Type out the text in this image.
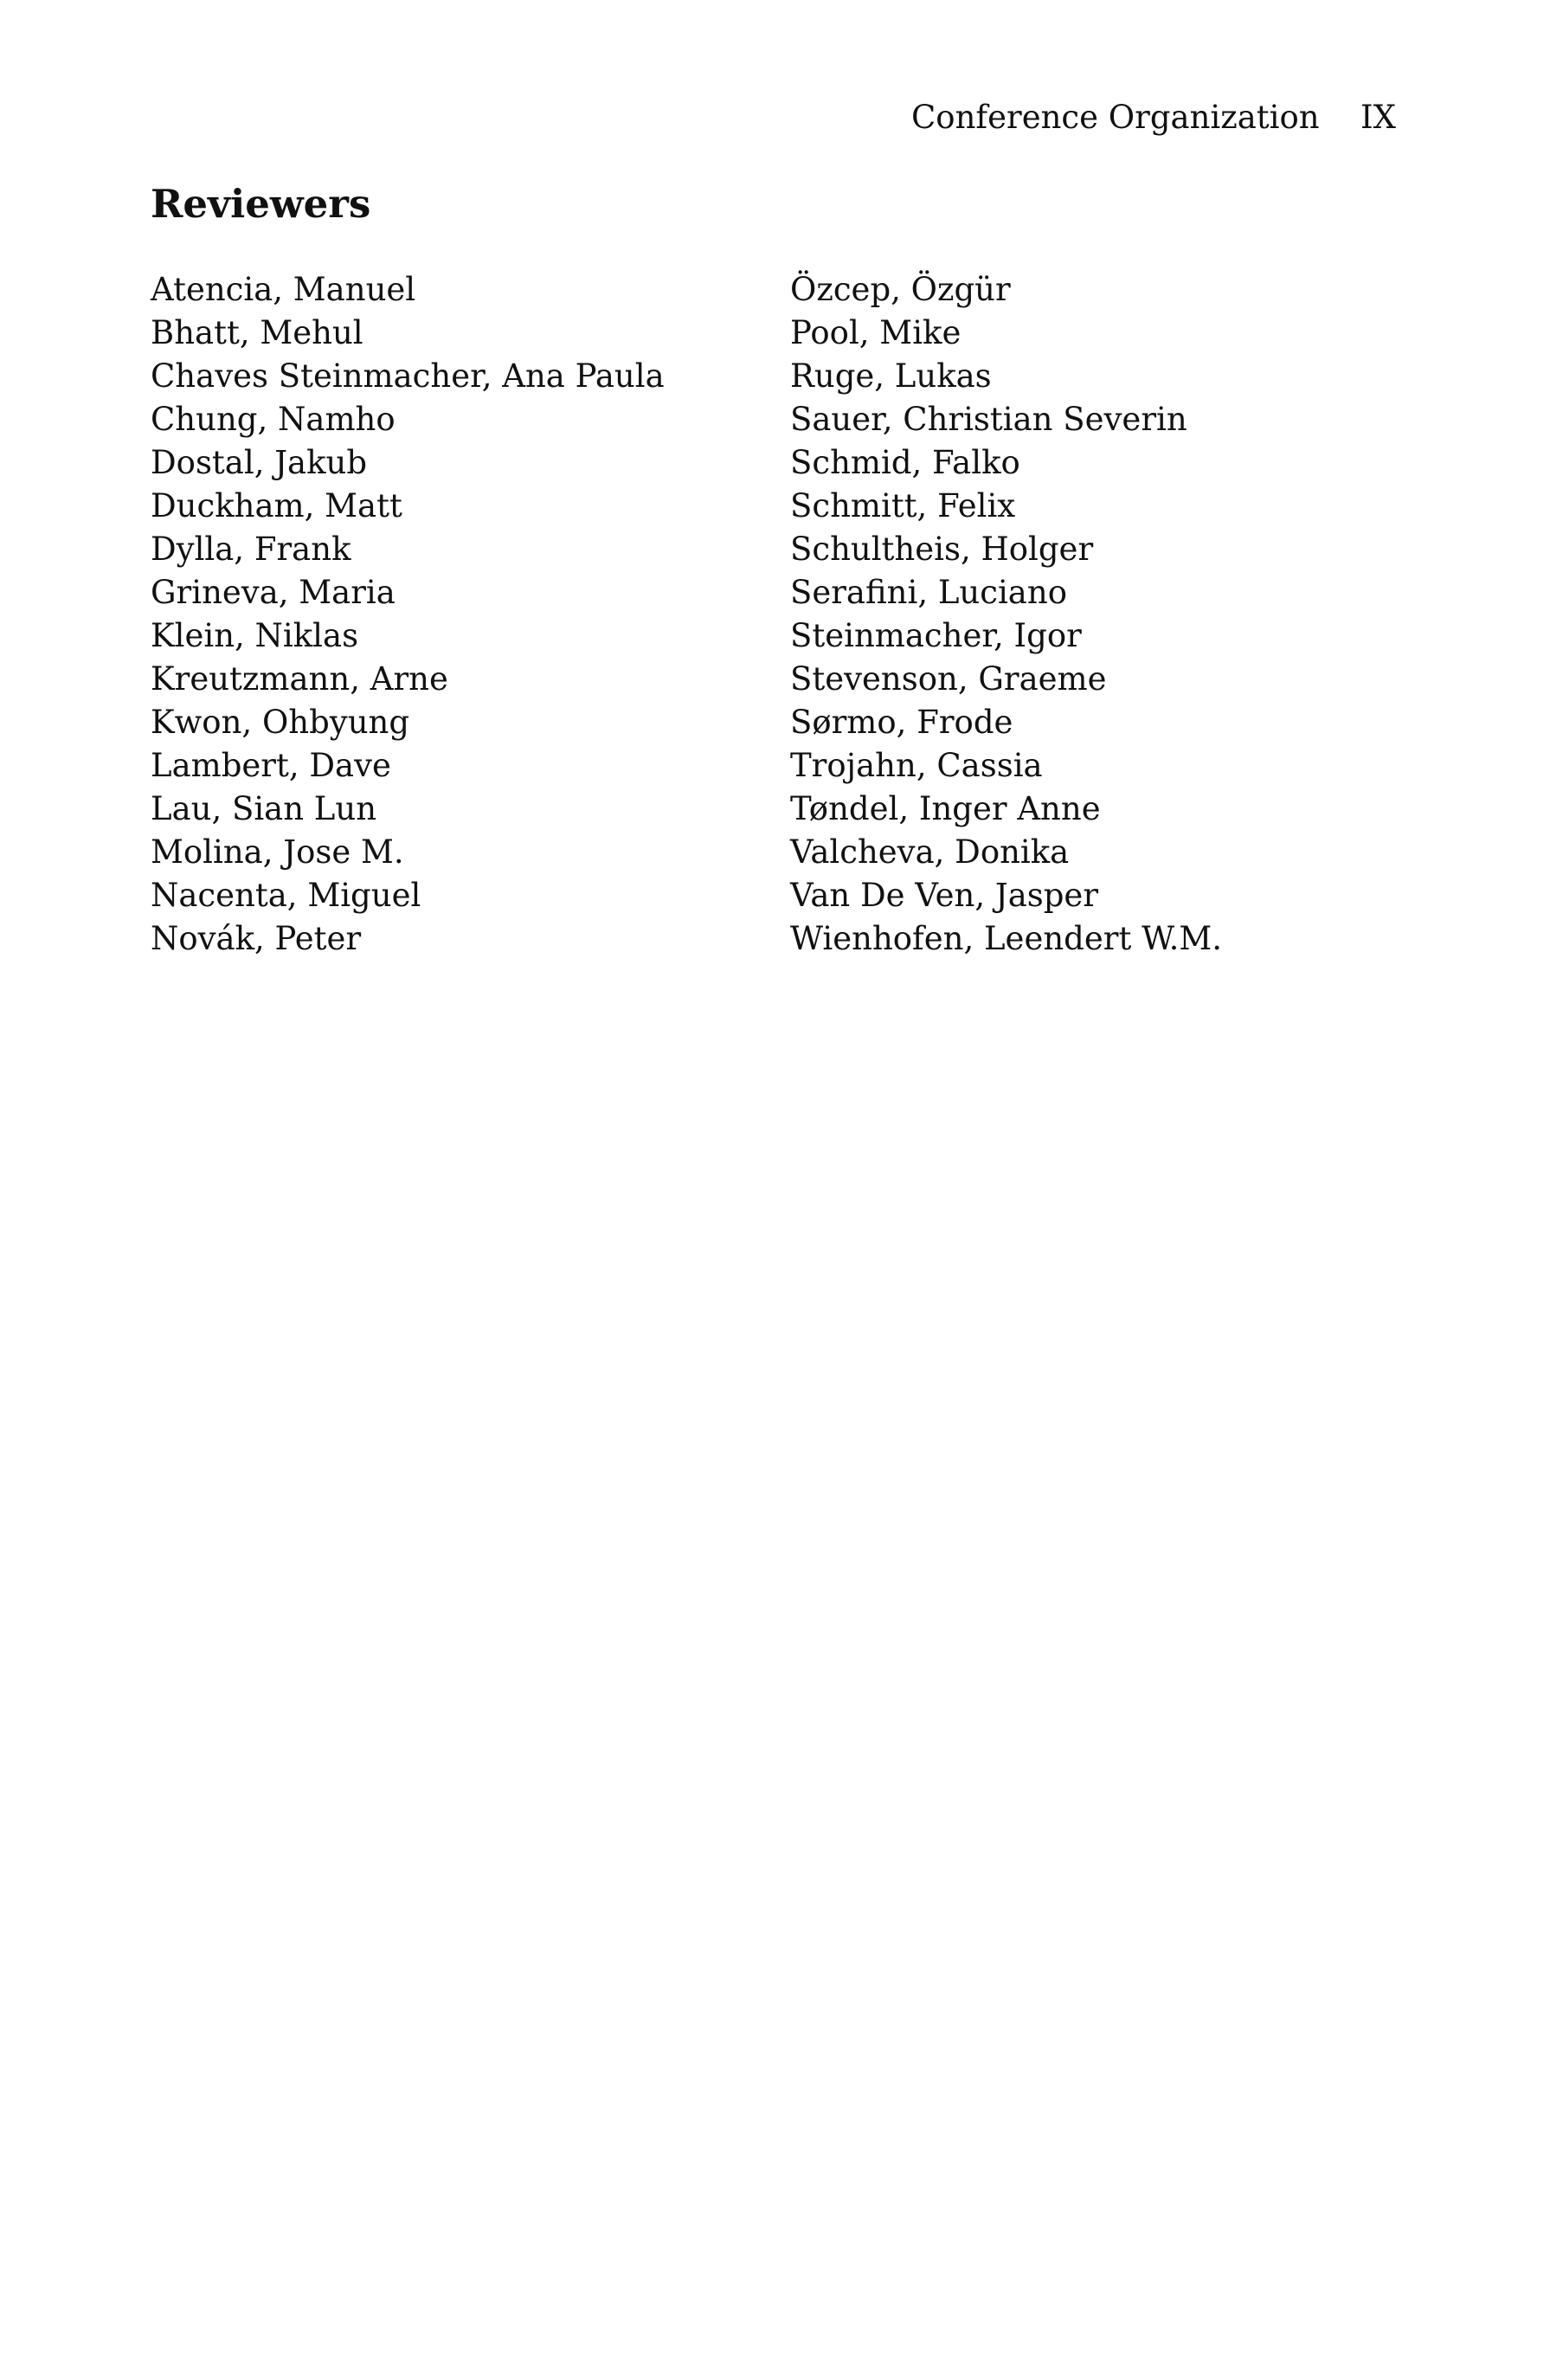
Conference Organization IX
Reviewers
Atencia, Manuel
Bhatt, Mehul
Chaves Steinmacher, Ana Paula
Chung, Namho
Dostal, Jakub
Duckham, Matt
Dylla, Frank
Grineva, Maria
Klein, Niklas
Kreutzmann, Arne
Kwon, Ohbyung
Lambert, Dave
Lau, Sian Lun
Molina, Jose M.
Nacenta, Miguel
Novák, Peter
Özcep, Özgür
Pool, Mike
Ruge, Lukas
Sauer, Christian Severin
Schmid, Falko
Schmitt, Felix
Schultheis, Holger
Serafini, Luciano
Steinmacher, Igor
Stevenson, Graeme
Sørmo, Frode
Trojahn, Cassia
Tøndel, Inger Anne
Valcheva, Donika
Van De Ven, Jasper
Wienhofen, Leendert W.M.
